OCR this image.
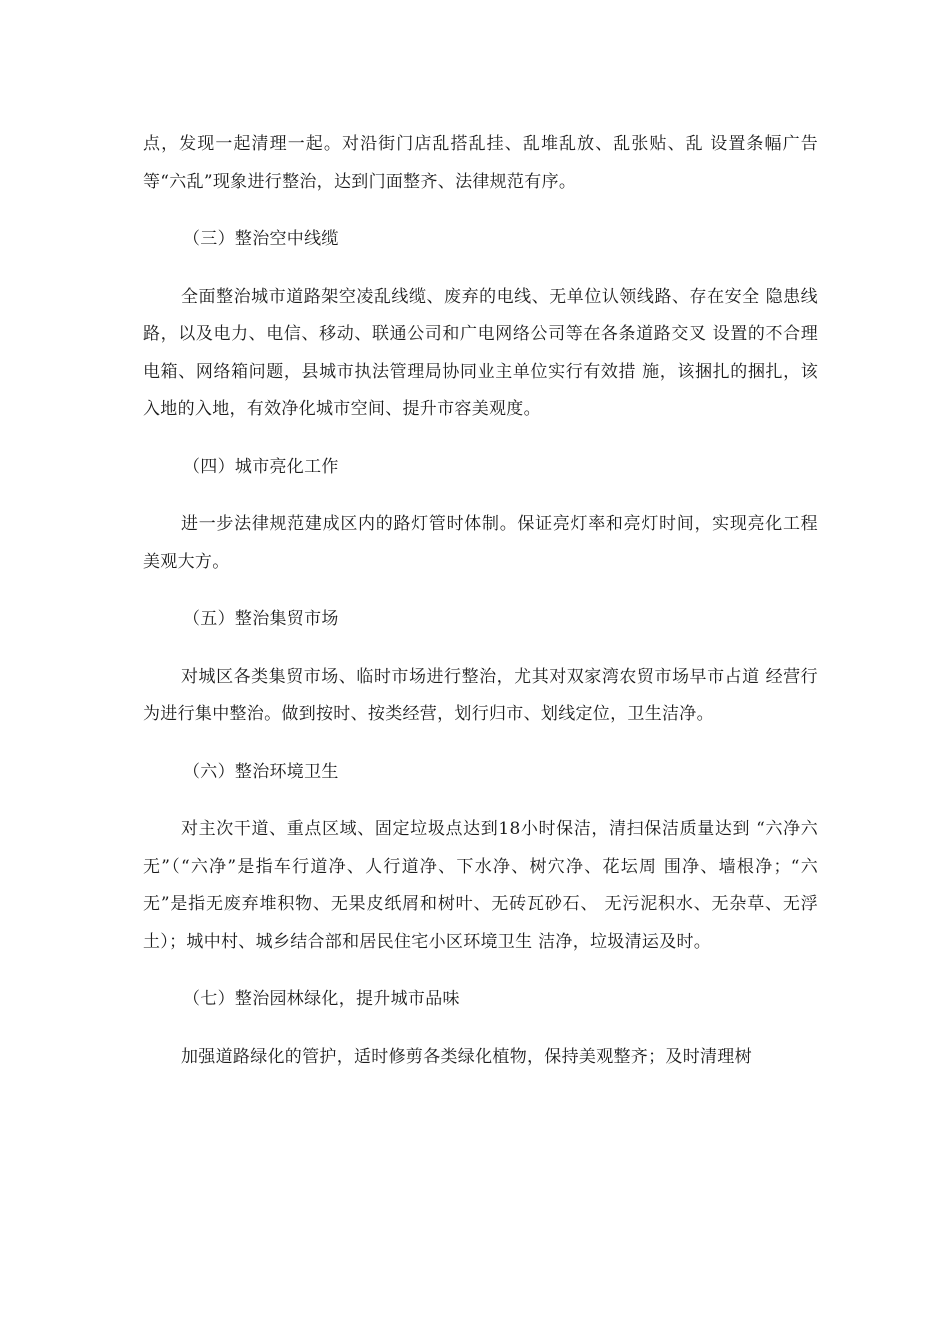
点，发现一起清理一起。对沿街门店乱搭乱挂、乱堆乱放、乱张贴、乱 设置条幅广告等“六乱”现象进行整治，达到门面整齐、法律规范有序。

（三）整治空中线缆

全面整治城市道路架空凌乱线缆、废弃的电线、无单位认领线路、存在安全 隐患线路，以及电力、电信、移动、联通公司和广电网络公司等在各条道路交叉 设置的不合理电箱、网络箱问题，县城市执法管理局协同业主单位实行有效措 施，该捆扎的捆扎，该入地的入地，有效净化城市空间、提升市容美观度。

（四）城市亮化工作

进一步法律规范建成区内的路灯管时体制。保证亮灯率和亮灯时间，实现亮化工程美观大方。

（五）整治集贸市场

对城区各类集贸市场、临时市场进行整治，尤其对双家湾农贸市场早市占道 经营行为进行集中整治。做到按时、按类经营，划行归市、划线定位，卫生洁净。

（六）整治环境卫生

对主次干道、重点区域、固定垃圾点达到18小时保洁，清扫保洁质量达到 “六净六无”（“六净”是指车行道净、人行道净、下水净、树穴净、花坛周 围净、墙根净；“六无”是指无废弃堆积物、无果皮纸屑和树叶、无砖瓦砂石、 无污泥积水、无杂草、无浮土）；城中村、城乡结合部和居民住宅小区环境卫生 洁净，垃圾清运及时。

（七）整治园林绿化，提升城市品味

加强道路绿化的管护，适时修剪各类绿化植物，保持美观整齐；及时清理树
